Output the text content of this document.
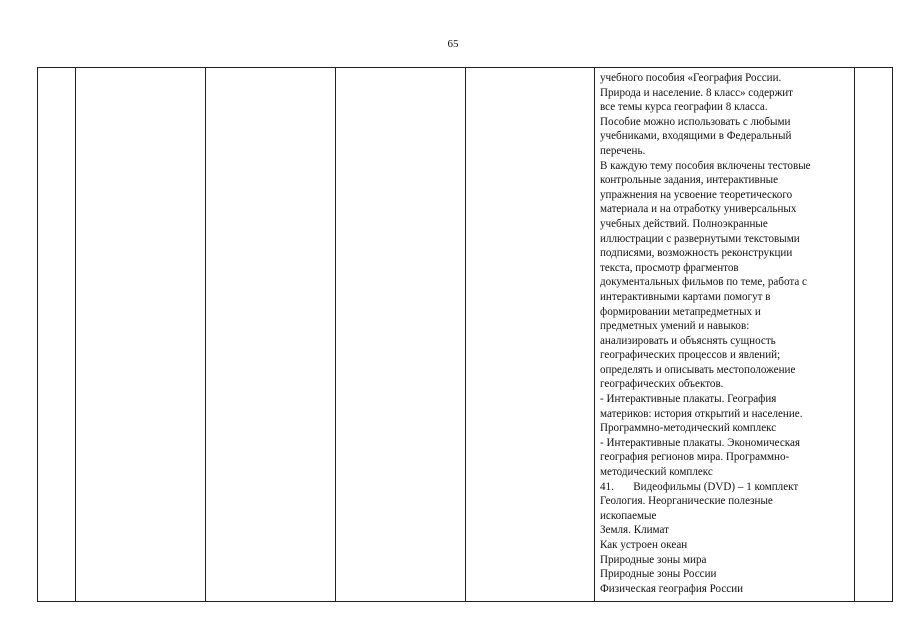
65

учебного пособия «География России.
Природа и население. 8 класс» содержит
все темы курса географии 8 класса.
Пособие можно использовать с любыми
учебниками, входящими в Федеральный
перечень.
В каждую тему пособия включены тестовые
контрольные задания, интерактивные
упражнения на усвоение теоретического
материала и на отработку универсальных
учебных действий. Полноэкранные
иллюстрации с развернутыми текстовыми
подписями, возможность реконструкции
текста, просмотр фрагментов
документальных фильмов по теме, работа с
интерактивными картами помогут в
формировании метапредметных и
предметных умений и навыков:
анализировать и объяснять сущность
географических процессов и явлений;
определять и описывать местоположение
географических объектов.
- Интерактивные плакаты. География
материков: история открытий и население.
Программно-методический комплекс
- Интерактивные плакаты. Экономическая
география регионов мира. Программно-
методический комплекс
41.       Видеофильмы (DVD) – 1 комплект
Геология. Неорганические полезные
ископаемые
Земля. Климат
Как устроен океан
Природные зоны мира
Природные зоны России
Физическая география России
